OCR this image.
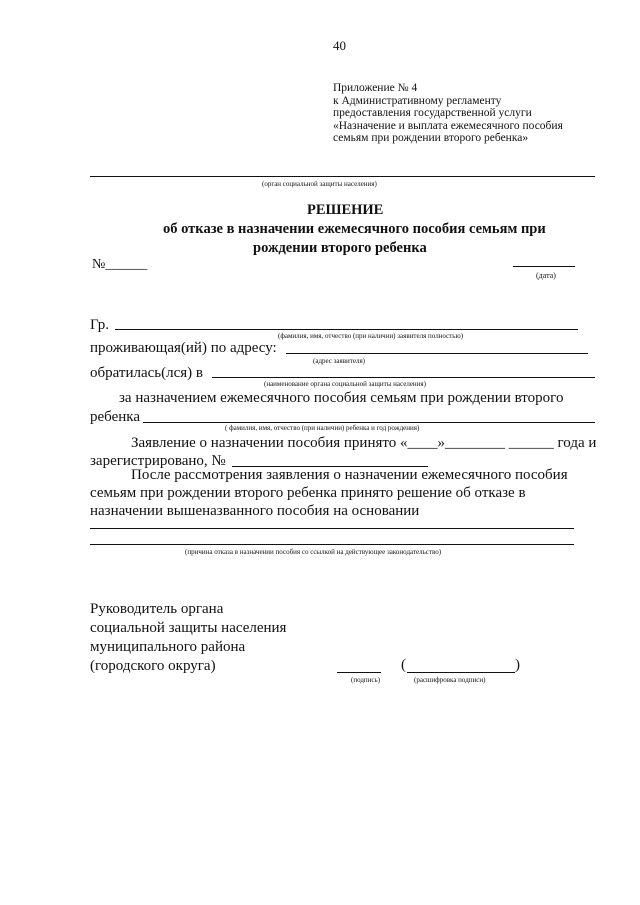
40
Приложение № 4
к Административному регламенту
предоставления государственной услуги
«Назначение и выплата ежемесячного пособия
семьям при рождении второго ребенка»
(орган социальной защиты населения)
РЕШЕНИЕ
об отказе в назначении ежемесячного пособия семьям при
рождении второго ребенка
№______
(дата)
Гр.
(фамилия, имя, отчество (при наличии) заявителя полностью)
проживающая(ий) по адресу:
(адрес заявителя)
обратилась(лся) в
(наименование органа социальной защиты населения)
за назначением ежемесячного пособия семьям при рождении второго
ребенка
( фамилия, имя, отчество (при наличии) ребенка и год рождения)
Заявление о назначении пособия принято «____»________ ______ года и
зарегистрировано, №
После рассмотрения заявления о назначении ежемесячного пособия
семьям при рождении второго ребенка принято решение об отказе в
назначении вышеназванного пособия на основании
(причина отказа в назначении пособия со ссылкой на действующее законодательство)
Руководитель органа
социальной защиты населения
муниципального района
(городского округа)	(	)
(подпись)	(расшифровка подписи)
